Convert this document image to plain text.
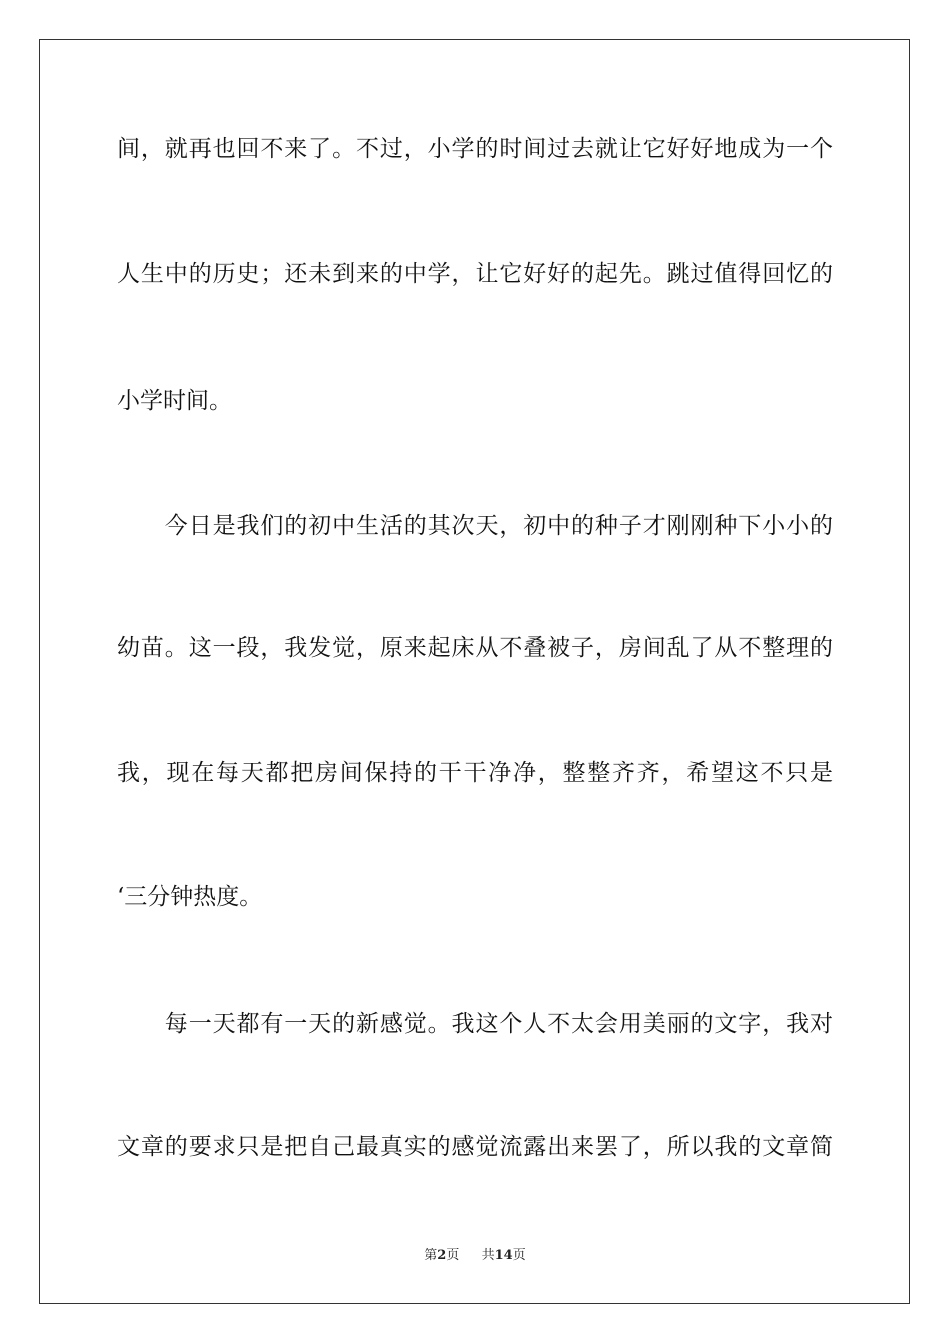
间，就再也回不来了。不过，小学的时间过去就让它好好地成为一个
人生中的历史；还未到来的中学，让它好好的起先。跳过值得回忆的
小学时间。
　　今日是我们的初中生活的其次天，初中的种子才刚刚种下小小的
幼苗。这一段，我发觉，原来起床从不叠被子，房间乱了从不整理的
我，现在每天都把房间保持的干干净净，整整齐齐，希望这不只是
‘三分钟热度。
　　每一天都有一天的新感觉。我这个人不太会用美丽的文字，我对
文章的要求只是把自己最真实的感觉流露出来罢了，所以我的文章简
第2页 共14页
